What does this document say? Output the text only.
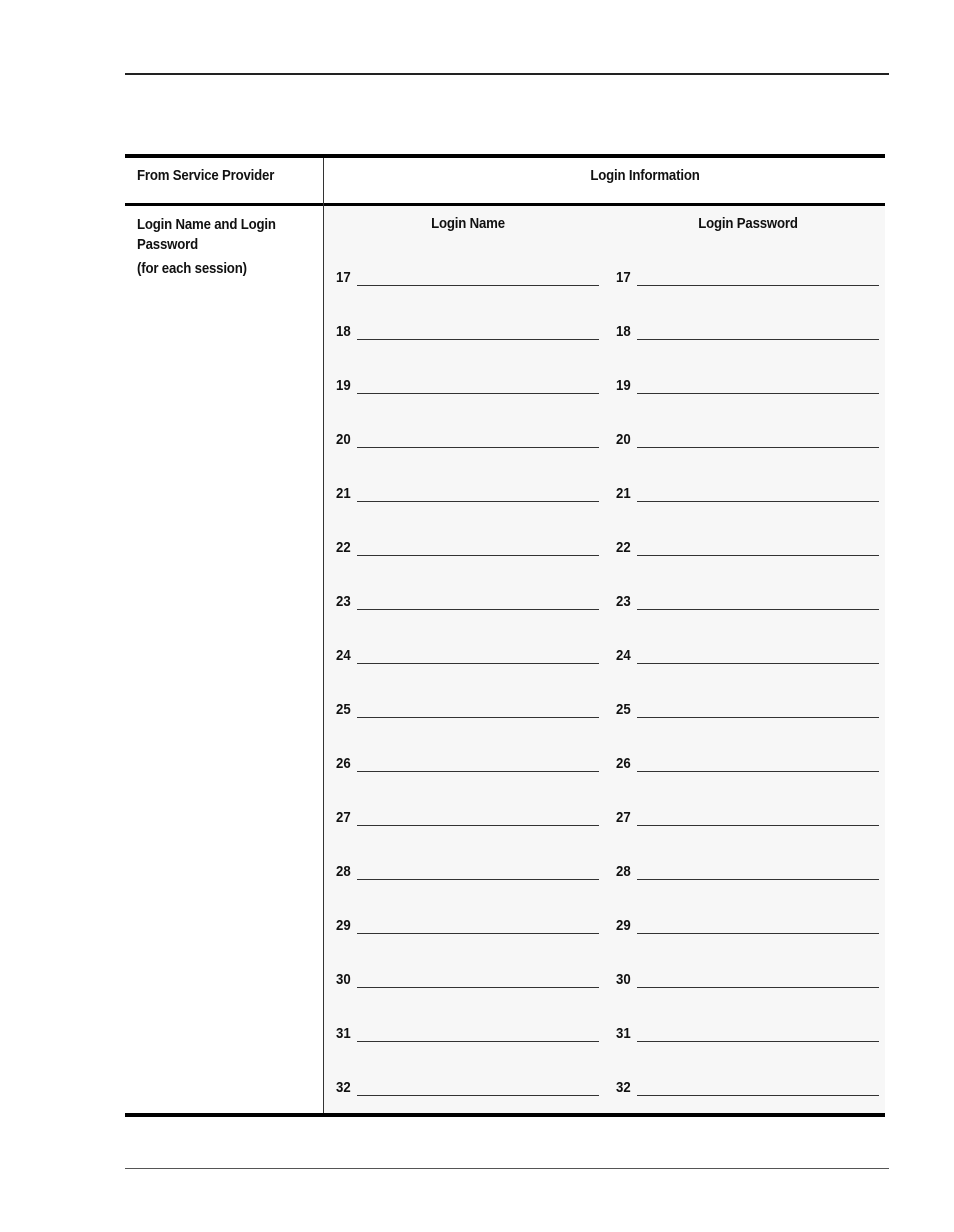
From Service Provider	Login Information
Login Name and Login Password
(for each session)
Login Name	Login Password
17	17
18	18
19	19
20	20
21	21
22	22
23	23
24	24
25	25
26	26
27	27
28	28
29	29
30	30
31	31
32	32
